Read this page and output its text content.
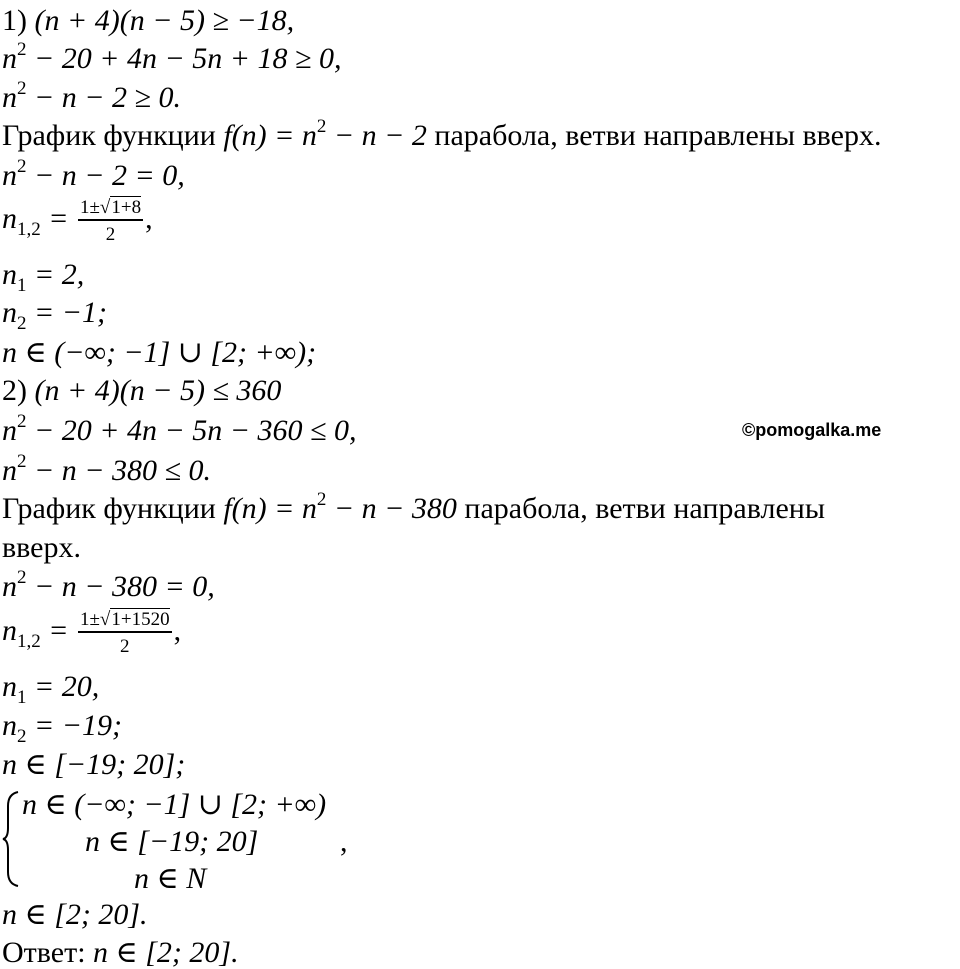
1) (n + 4)(n − 5) ≥ −18,
$n^2 - 20 + 4n - 5n + 18 \ge 0$,
$n^2 - n - 2 \ge 0$.
График функции $f(n) = n^2 - n - 2$ парабола, ветви направлены вверх.
$n^2 - n - 2 = 0$,
$n_{1,2} = \frac{1\pm√1+8}{2}$ ,
$n_1 = 2$,
$n_2 = -1$;
n ∈ (−∞; −1] ∪ [2; +∞);
2) (n + 4)(n − 5) ≤ 360
$n^2 - 20 + 4n - 5n - 360 \le 0$,	©pomogalka.me
$n^2 - n - 380 \le 0$.
График функции $f(n) = n^2 - n - 380$ парабола, ветви направлены
вверх.
$n^2 - n - 380 = 0$,
$n_{1,2} = \frac{1\pm√1+1520}{2}$ ,
$n_1 = 20$,
$n_2 = -19$;
n ∈ [−19; 20];
n ∈ (−∞; −1] ∪ [2; +∞)
n ∈ [−19; 20]	,
n ∈ N
n ∈ [2; 20].
Ответ: n ∈ [2; 20].
